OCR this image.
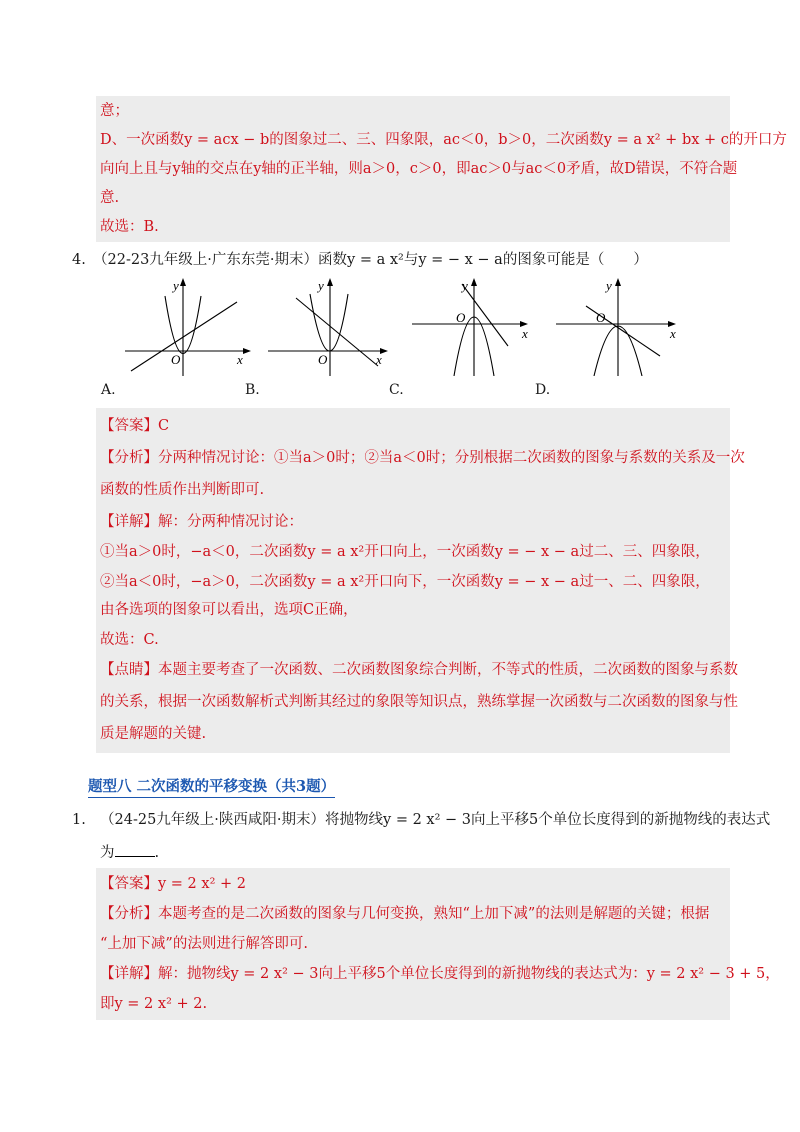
意；
D、一次函数y = acx − b的图象过二、三、四象限，ac＜0，b＞0，二次函数y = a x² + bx + c的开口方
向向上且与y轴的交点在y轴的正半轴，则a＞0，c＞0，即ac＞0与ac＜0矛盾，故D错误，不符合题
意.
故选：B.
4. （22-23九年级上·广东东莞·期末）函数y = a x²与y = − x − a的图象可能是（　　）
y
x
O
y
x
O
y
x
O
y
x
O
A.	B.	C.	D.
【答案】C
【分析】分两种情况讨论：①当a＞0时；②当a＜0时；分别根据二次函数的图象与系数的关系及一次
函数的性质作出判断即可.
【详解】解：分两种情况讨论：
①当a＞0时，−a＜0，二次函数y = a x²开口向上，一次函数y = − x − a过二、三、四象限，
②当a＜0时，−a＞0，二次函数y = a x²开口向下，一次函数y = − x − a过一、二、四象限，
由各选项的图象可以看出，选项C正确，
故选：C.
【点睛】本题主要考查了一次函数、二次函数图象综合判断，不等式的性质，二次函数的图象与系数
的关系，根据一次函数解析式判断其经过的象限等知识点，熟练掌握一次函数与二次函数的图象与性
质是解题的关键.
题型八 二次函数的平移变换（共3题）
1. （24-25九年级上·陕西咸阳·期末）将抛物线y = 2 x² − 3向上平移5个单位长度得到的新抛物线的表达式
为	.
【答案】y = 2 x² + 2
【分析】本题考查的是二次函数的图象与几何变换，熟知“上加下减”的法则是解题的关键；根据
“上加下减”的法则进行解答即可.
【详解】解：抛物线y = 2 x² − 3向上平移5个单位长度得到的新抛物线的表达式为：y = 2 x² − 3 + 5，
即y = 2 x² + 2.
